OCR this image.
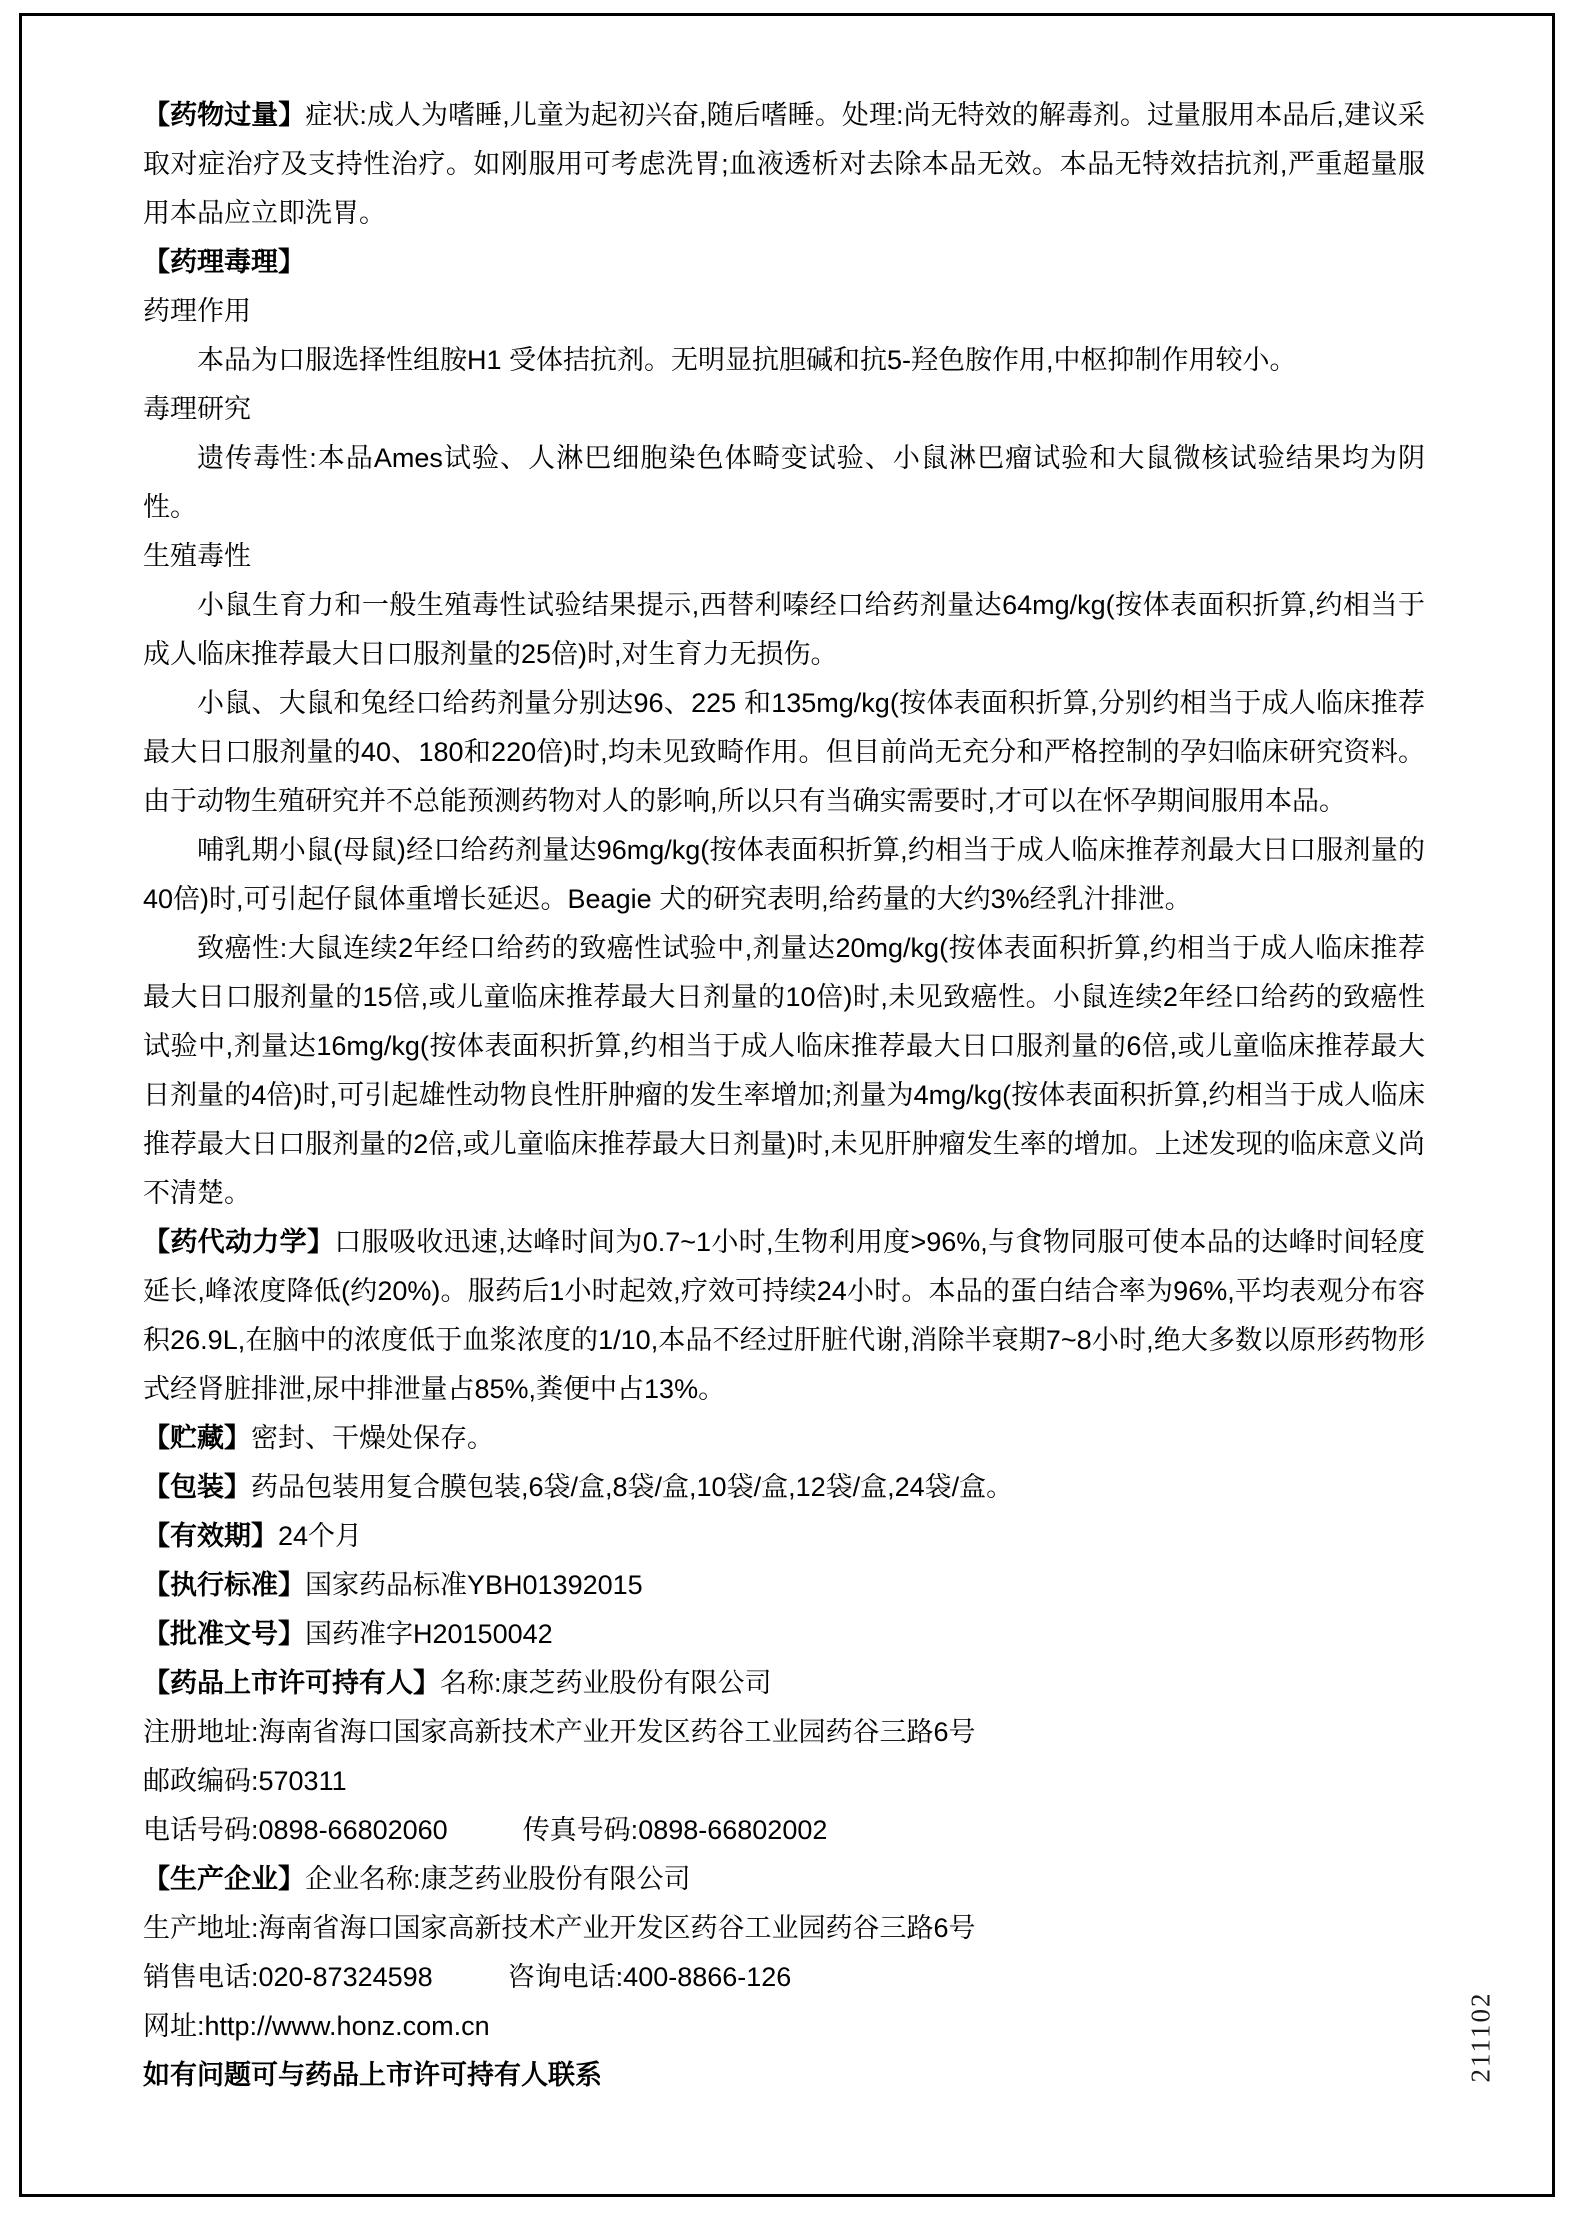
【药物过量】症状:成人为嗜睡,儿童为起初兴奋,随后嗜睡。处理:尚无特效的解毒剂。过量服用本品后,建议采取对症治疗及支持性治疗。如刚服用可考虑洗胃;血液透析对去除本品无效。本品无特效拮抗剂,严重超量服用本品应立即洗胃。
【药理毒理】
药理作用
本品为口服选择性组胺H1 受体拮抗剂。无明显抗胆碱和抗5-羟色胺作用,中枢抑制作用较小。
毒理研究
遗传毒性:本品Ames试验、人淋巴细胞染色体畸变试验、小鼠淋巴瘤试验和大鼠微核试验结果均为阴性。
生殖毒性
小鼠生育力和一般生殖毒性试验结果提示,西替利嗪经口给药剂量达64mg/kg(按体表面积折算,约相当于成人临床推荐最大日口服剂量的25倍)时,对生育力无损伤。
小鼠、大鼠和兔经口给药剂量分别达96、225 和135mg/kg(按体表面积折算,分别约相当于成人临床推荐最大日口服剂量的40、180和220倍)时,均未见致畸作用。但目前尚无充分和严格控制的孕妇临床研究资料。由于动物生殖研究并不总能预测药物对人的影响,所以只有当确实需要时,才可以在怀孕期间服用本品。
哺乳期小鼠(母鼠)经口给药剂量达96mg/kg(按体表面积折算,约相当于成人临床推荐剂最大日口服剂量的40倍)时,可引起仔鼠体重增长延迟。Beagie 犬的研究表明,给药量的大约3%经乳汁排泄。
致癌性:大鼠连续2年经口给药的致癌性试验中,剂量达20mg/kg(按体表面积折算,约相当于成人临床推荐最大日口服剂量的15倍,或儿童临床推荐最大日剂量的10倍)时,未见致癌性。小鼠连续2年经口给药的致癌性试验中,剂量达16mg/kg(按体表面积折算,约相当于成人临床推荐最大日口服剂量的6倍,或儿童临床推荐最大日剂量的4倍)时,可引起雄性动物良性肝肿瘤的发生率增加;剂量为4mg/kg(按体表面积折算,约相当于成人临床推荐最大日口服剂量的2倍,或儿童临床推荐最大日剂量)时,未见肝肿瘤发生率的增加。上述发现的临床意义尚不清楚。
【药代动力学】口服吸收迅速,达峰时间为0.7~1小时,生物利用度>96%,与食物同服可使本品的达峰时间轻度延长,峰浓度降低(约20%)。服药后1小时起效,疗效可持续24小时。本品的蛋白结合率为96%,平均表观分布容积26.9L,在脑中的浓度低于血浆浓度的1/10,本品不经过肝脏代谢,消除半衰期7~8小时,绝大多数以原形药物形式经肾脏排泄,尿中排泄量占85%,粪便中占13%。
【贮藏】密封、干燥处保存。
【包装】药品包装用复合膜包装,6袋/盒,8袋/盒,10袋/盒,12袋/盒,24袋/盒。
【有效期】24个月
【执行标准】国家药品标准YBH01392015
【批准文号】国药准字H20150042
【药品上市许可持有人】名称:康芝药业股份有限公司
注册地址:海南省海口国家高新技术产业开发区药谷工业园药谷三路6号
邮政编码:570311
电话号码:0898-66802060	传真号码:0898-66802002
【生产企业】企业名称:康芝药业股份有限公司
生产地址:海南省海口国家高新技术产业开发区药谷工业园药谷三路6号
销售电话:020-87324598	咨询电话:400-8866-126
网址:http://www.honz.com.cn
如有问题可与药品上市许可持有人联系	211102
